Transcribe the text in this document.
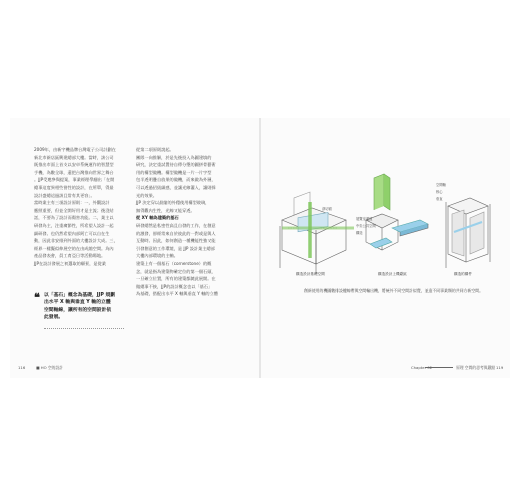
2009年，由新宇機品牌台灣電子公司計劃在

新北市新店區興建總部大樓。當時，該公司

既推出市面上首支以安卓系統運作的智慧型

手機，為數全球，還把台灣推向世界之舞台

。JJP受邀參與提案，事業經理學翻出「在開

總事這度異相些嘗性的設計，在所單，得最

設計盛總這過該且常有其更容」。

當時業主有三項設計原則：一，外觀設計

應照重要，但並全開好用才是主流；後沒結

話，不要為了設計而傷害功能。二，業主以

研發為主，注重廣節性，所希望人設計一起

細研發。也仍然希望內部阿亡可以自在生

動，因此非安排到外面的大樓設計大成。三，

經界一樣擬似伸展空的在由成縮空間。為內

產品發表會，員工育亞日等活動場地。

JJP在設計發展之初選取的願景，是從業

從第二項原則說起。

團隊一向推解，於是先後投入為圖建填的

研究，決定重試置待自傳分塑的圖拼骨藝術

用的構型做機。構型做機是一片一片字型

包半透明疊自放果的做機，而來做為外層，

可以透過招級細感，並讓光線灌入，讓則採

光的效果。

JJP 決定穿以最縮的外穩使用構型玻璃，

無得觀內生性，光線又能穿透。

從 XY 軸為建築的基石

研發總然是私密性高且自發的工作，在創意

的激發，卻經常來自於彼此的一對或是與人

互動時。因此，如何創造一種機能性強又能

引發創意的工作環境，是 JJP 設計業主總部

大樓內部環境的主軸。

建築上有一個基石（cornerstone）的概

念，就是指為建築物確定位的第一個石頭，

一旦確立位置，所有的建築都隨此展開。在

做總事不接，JJP的設計概念也以「基石」

為基礎，搭配出水平 X 軸與垂直 Y 軸的立體

❝ 以「基石」概念為基礎，JJP 規劃

出水平 X 軸與垂直 Y 軸的立體

空間軸線，讓所有的空間設計依

此發展。

116	■ HO 空的設計
剖切面
空間軸
核心
垂直
展覽室通道
中央公共空間
構造
構造設計基礎空間	構造設計上機臺區	構造的構件
創新使用的機圖數排設樓線帶與空間輸出機，將統外不同空間計似覺，並造不同事業類的共同方新空間。
Chapter 02	原理 空間的思考與鐵點 119
